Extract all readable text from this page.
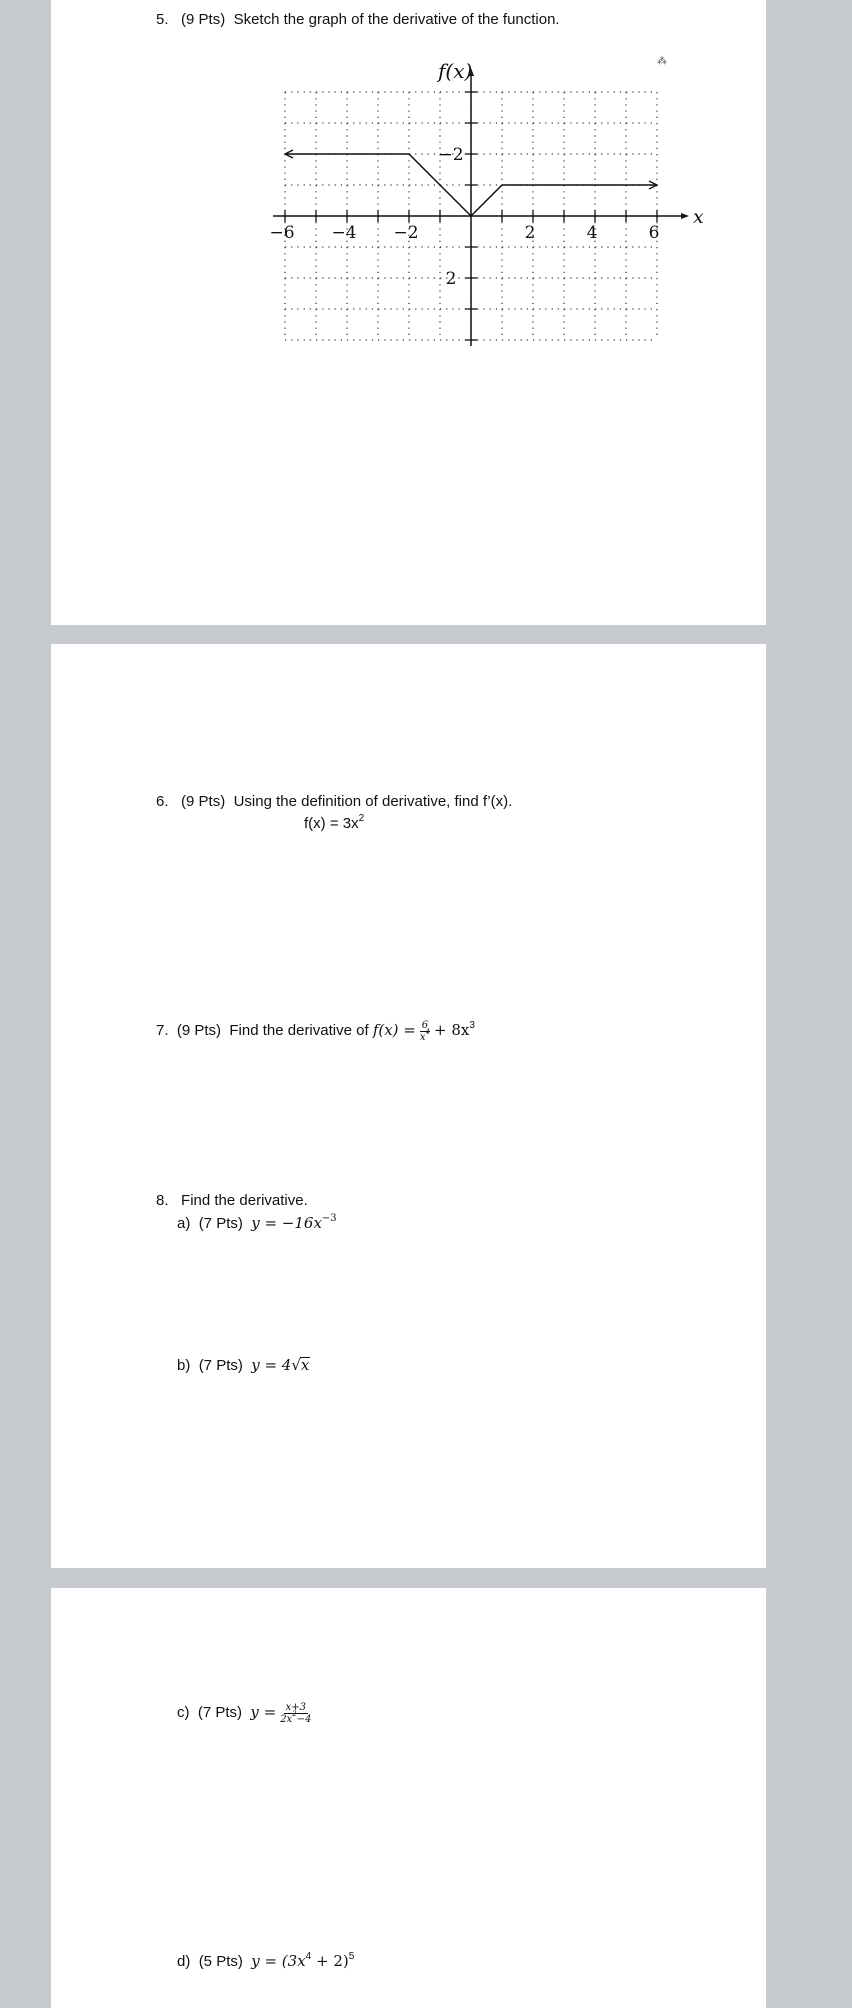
5. (9 Pts) Sketch the graph of the derivative of the function.
−6 −4 −2	2	4	6
2
−2
f(x)
x
⁂
6. (9 Pts) Using the definition of derivative, find f’(x).
$f(x) = 3x^2$
7. (9 Pts) Find the derivative of $f(x) = \frac{6}{x^4} + 8x^3$
8. Find the derivative.
a) (7 Pts) $y = -16x^{-3}$
b) (7 Pts) y = 4√x
c) (7 Pts) $y = \frac{x+3}{2x^2-4}$
d) (5 Pts) $y = (3x^4 + 2)^5$
